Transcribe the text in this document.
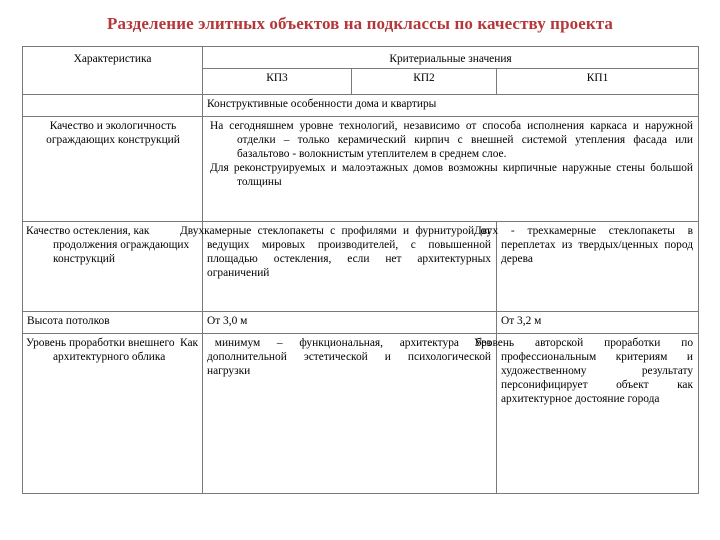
Разделение элитных объектов на подклассы по качеству проекта
Характеристика	Критериальные значения		
	КП3	КП2	КП1
	Конструктивные особенности дома и квартиры		
Качество и экологичность ограждающих конструкций	На сегодняшнем уровне технологий, независимо от способа исполнения каркаса и наружной отделки – только керамический кирпич с внешней системой утепления фасада или базальтово - волокнистым утеплителем в среднем слое.

Для реконструируемых и малоэтажных домов возможны кирпичные наружные стены большой толщины		

Качество остекления, как продолжения ограждающих конструкций	Двухкамерные стеклопакеты с профилями и фурнитурой от ведущих мировых производителей, с повышенной площадью остекления, если нет архитектурных ограничений		Двух - трехкамерные стеклопакеты в переплетах из твердых/ценных пород дерева
Высота потолков	От 3,0 м		От 3,2 м
Уровень проработки внешнего архитектурного облика	Как минимум – функциональная, архитектура без дополнительной эстетической и психологической нагрузки		Уровень авторской проработки по профессиональным критериям и художественному результату персонифицирует объект как архитектурное достояние города
